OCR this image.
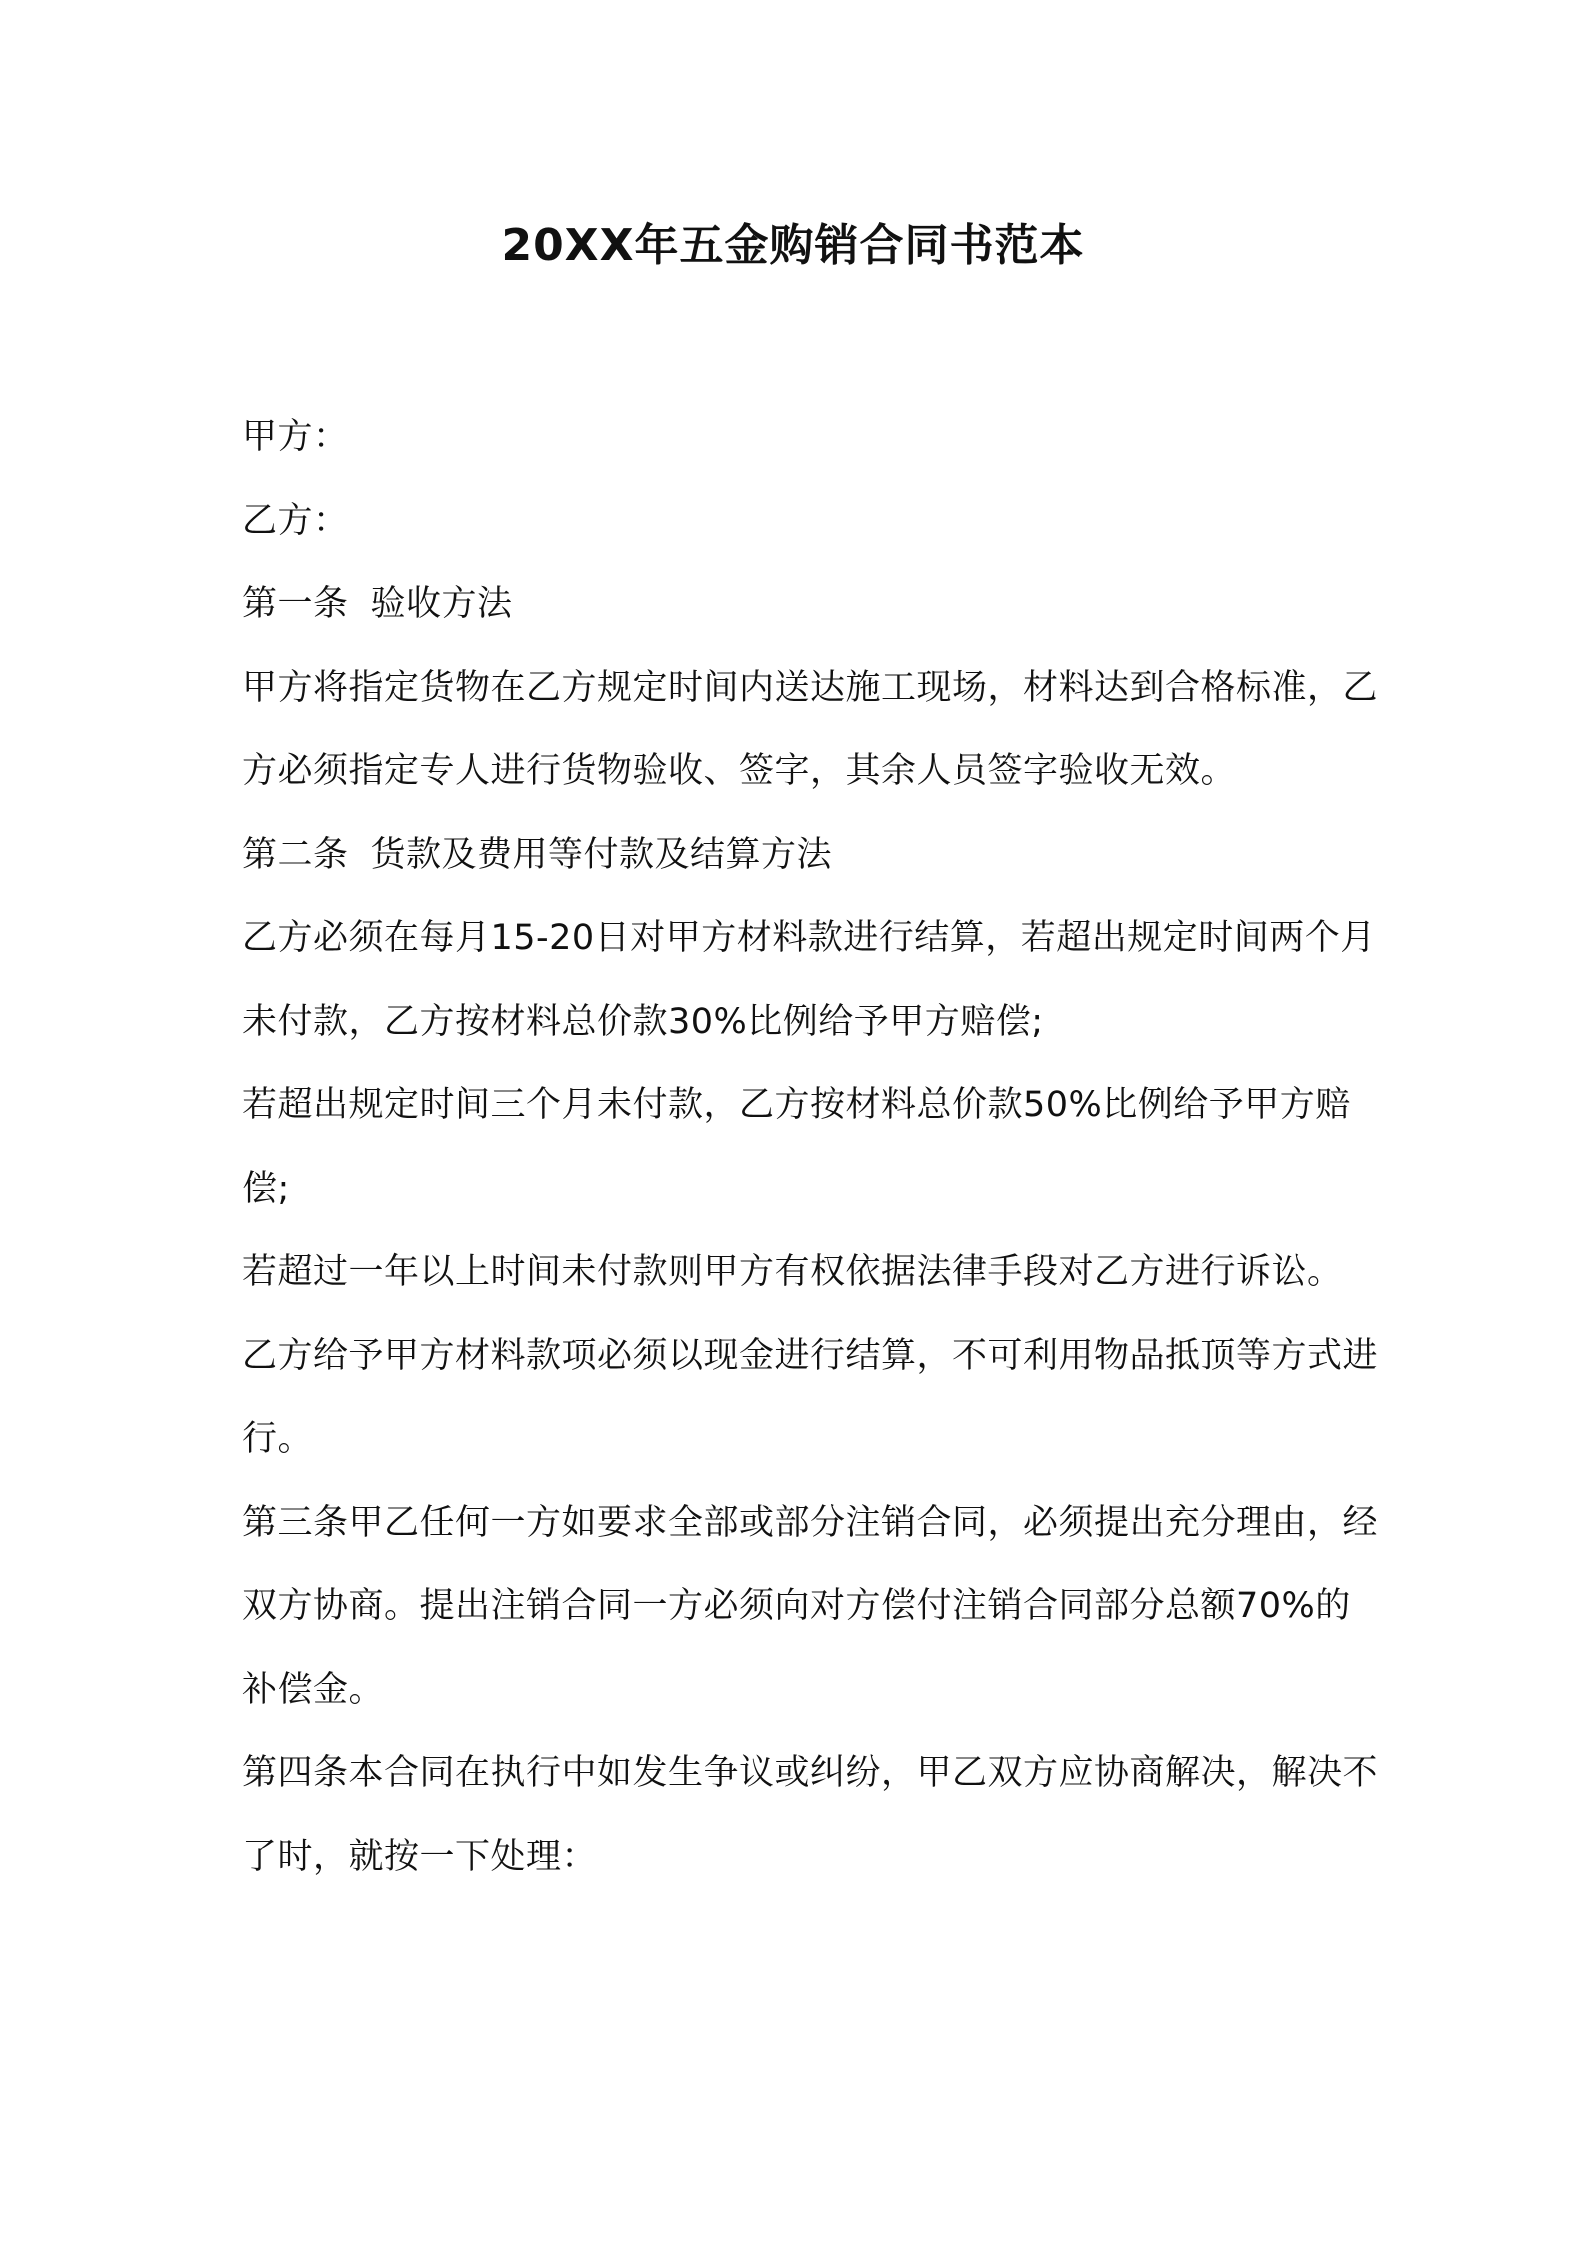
20XX年五金购销合同书范本

甲方：

乙方：

第一条 验收方法

甲方将指定货物在乙方规定时间内送达施工现场，材料达到合格标准，乙方必须指定专人进行货物验收、签字，其余人员签字验收无效。

第二条 货款及费用等付款及结算方法

乙方必须在每月15-20日对甲方材料款进行结算，若超出规定时间两个月未付款，乙方按材料总价款30%比例给予甲方赔偿;

若超出规定时间三个月未付款，乙方按材料总价款50%比例给予甲方赔偿;

若超过一年以上时间未付款则甲方有权依据法律手段对乙方进行诉讼。

乙方给予甲方材料款项必须以现金进行结算，不可利用物品抵顶等方式进行。

第三条甲乙任何一方如要求全部或部分注销合同，必须提出充分理由，经双方协商。提出注销合同一方必须向对方偿付注销合同部分总额70%的补偿金。

第四条本合同在执行中如发生争议或纠纷，甲乙双方应协商解决，解决不了时，就按一下处理：
